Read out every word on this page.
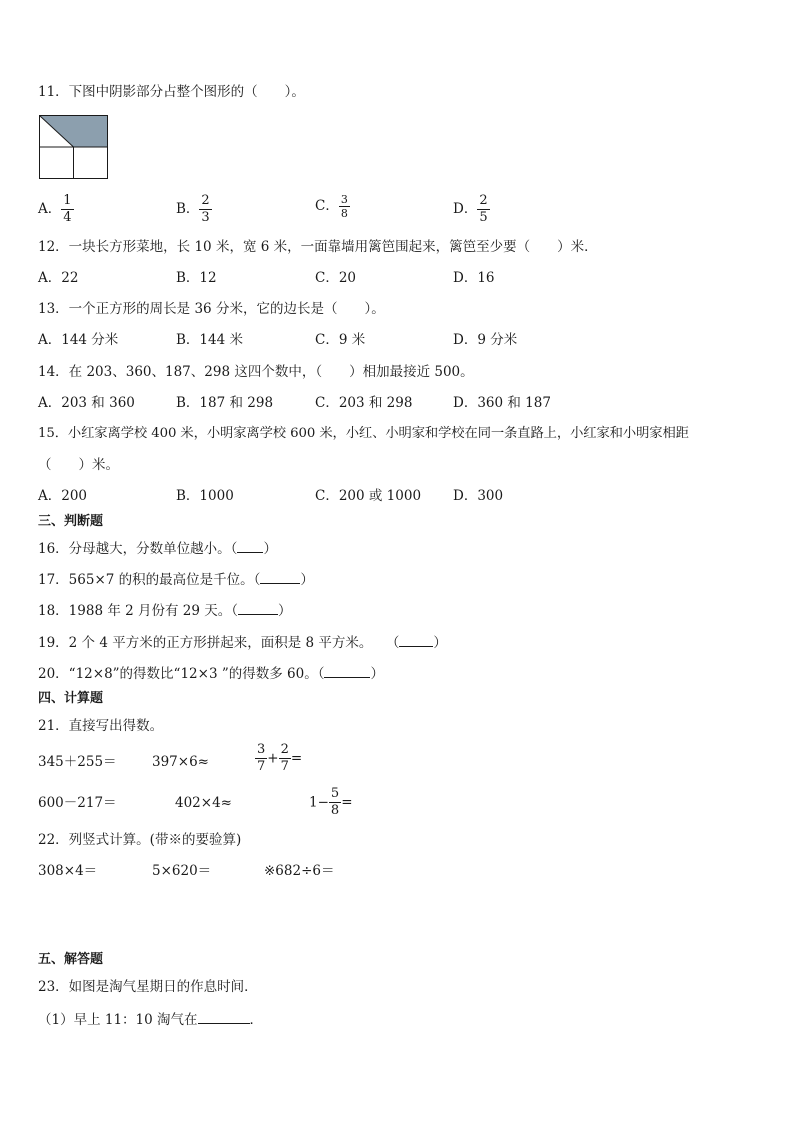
11．下图中阴影部分占整个图形的（　　）。
A． $\frac{1}{4}$	B． $\frac{2}{3}$	C． $\frac{3}{8}$	D． $\frac{2}{5}$
12．一块长方形菜地，长 10 米，宽 6 米，一面靠墙用篱笆围起来，篱笆至少要（　　）米．
A．22	B．12	C．20	D．16
13．一个正方形的周长是 36 分米，它的边长是（　　）。
A．144 分米	B．144 米	C．9 米	D．9 分米
14．在 203、360、187、298 这四个数中，（　　）相加最接近 500。
A．203 和 360	B．187 和 298	C．203 和 298	D．360 和 187
15．小红家离学校 400 米，小明家离学校 600 米，小红、小明家和学校在同一条直路上，小红家和小明家相距
（　　）米。
A．200	B．1000	C．200 或 1000 D．300
三、判断题
16．分母越大，分数单位越小。（ ）
17．565×7 的积的最高位是千位。（	）
18．1988 年 2 月份有 29 天。（	）
19．2 个 4 平方米的正方形拼起来，面积是 8 平方米。　　（	）
20．“12×8”的得数比“12×3 ”的得数多 60。（	）
四、计算题
21．直接写出得数。
345＋255＝	397×6≈	$\frac{3}{7} + \frac{2}{7}$ =
600－217＝	402×4≈	$1- \frac{5}{8}$ =
22．列竖式计算。(带※的要验算)
308×4＝	5×620＝	※682÷6＝
五、解答题
23．如图是淘气星期日的作息时间．
（1）早上 11：10 淘气在	．
